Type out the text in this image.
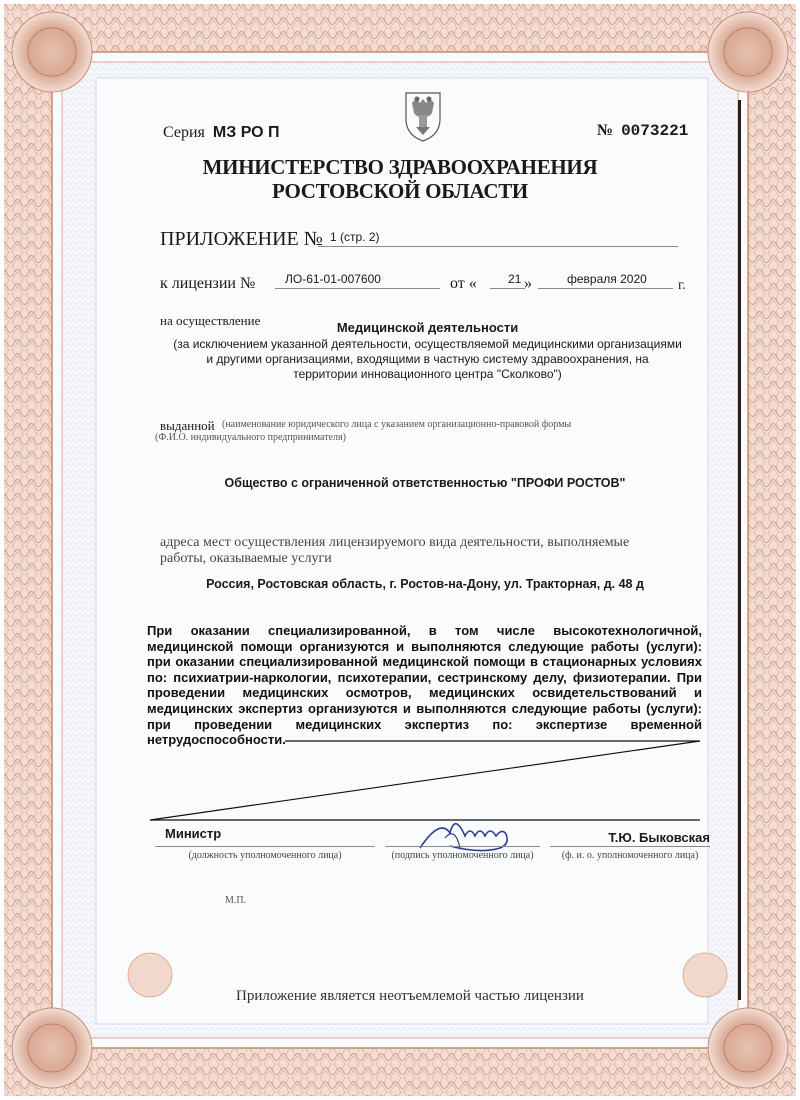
Серия МЗ РО П	№ 0073221
МИНИСТЕРСТВО ЗДРАВООХРАНЕНИЯ
РОСТОВСКОЙ ОБЛАСТИ
ПРИЛОЖЕНИЕ № 1 (стр. 2)
к лицензии № ЛО-61-01-007600	от «	21 »	февраля 2020 г.
на осуществление	Медицинской деятельности
(за исключением указанной деятельности, осуществляемой медицинскими организациями
и другими организациями, входящими в частную систему здравоохранения, на
территории инновационного центра "Сколково")
выданной (наименование юридического лица с указанием организационно-правовой формы
(Ф.И.О. индивидуального предпринимателя)
Общество с ограниченной ответственностью "ПРОФИ РОСТОВ"
адреса мест осуществления лицензируемого вида деятельности, выполняемые
работы, оказываемые услуги
Россия, Ростовская область, г. Ростов-на-Дону, ул. Тракторная, д. 48 д
При оказании специализированной, в том числе высокотехнологичной,
медицинской помощи организуются и выполняются следующие работы (услуги):
при оказании специализированной медицинской помощи в стационарных условиях
по: психиатрии-наркологии, психотерапии, сестринскому делу, физиотерапии. При
проведении медицинских осмотров, медицинских освидетельствований и
медицинских экспертиз организуются и выполняются следующие работы (услуги):
при проведении медицинских экспертиз по: экспертизе временной
нетрудоспособности.
Министр
(должность уполномоченного лица)	(подпись уполномоченного лица)
Т.Ю. Быковская
(ф. и. о. уполномоченного лица)
М.П.
Приложение является неотъемлемой частью лицензии
